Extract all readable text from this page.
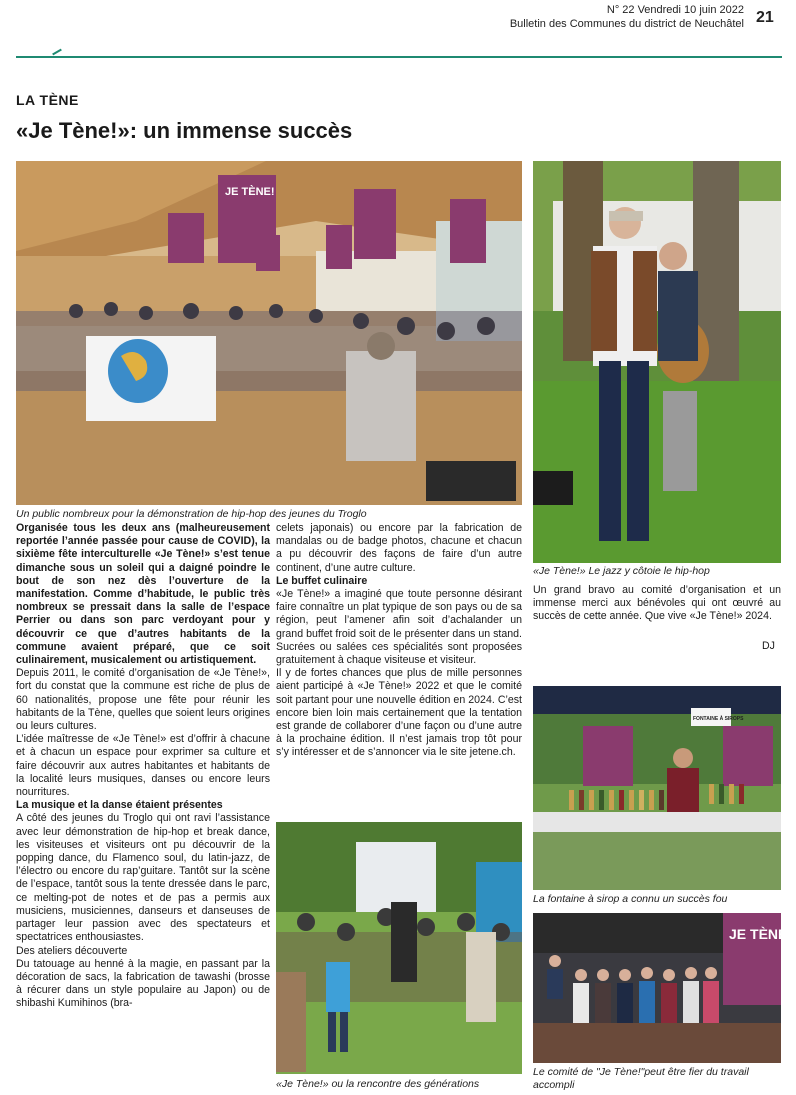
N° 22 Vendredi 10 juin 2022
Bulletin des Communes du district de Neuchâtel 21
LA TÈNE
«Je Tène!»: un immense succès
JE TÈNE!
Un public nombreux pour la démonstration de hip-hop des jeunes du Troglo
«Je Tène!» Le jazz y côtoie le hip-hop

Organisée tous les deux ans (malheureusement reportée l’année passée pour cause de COVID), la sixième fête interculturelle «Je Tène!» s’est tenue dimanche sous un soleil qui a daigné poindre le bout de son nez dès l’ouverture de la manifestation. Comme d’habitude, le public très nombreux se pressait dans la salle de l’espace Perrier ou dans son parc verdoyant pour y découvrir ce que d’autres habitants de la commune avaient préparé, que ce soit culinairement, musicalement ou artistiquement.

Depuis 2011, le comité d’organisation de «Je Tène!», fort du constat que la commune est riche de plus de 60 nationalités, propose une fête pour réunir les habitants de la Tène, quelles que soient leurs origines ou leurs cultures.

L’idée maîtresse de «Je Tène!» est d’offrir à chacune et à chacun un espace pour exprimer sa culture et faire découvrir aux autres habitantes et habitants de la localité leurs musiques, danses ou encore leurs nourritures.

La musique et la danse étaient présentes

A côté des jeunes du Troglo qui ont ravi l’assistance avec leur démonstration de hip-hop et break dance, les visiteuses et visiteurs ont pu découvrir de la popping dance, du Flamenco soul, du latin-jazz, de l’électro ou encore du rap’guitare. Tantôt sur la scène de l’espace, tantôt sous la tente dressée dans le parc, ce melting-pot de notes et de pas a permis aux musiciens, musiciennes, danseurs et danseuses de partager leur passion avec des spectateurs et spectatrices enthousiastes.

Des ateliers découverte

Du tatouage au henné à la magie, en passant par la décoration de sacs, la fabrication de tawashi (brosse à récurer dans un style populaire au Japon) ou de shibashi Kumihinos (bra-

celets japonais) ou encore par la fabrication de mandalas ou de badge photos, chacune et chacun a pu découvrir des façons de faire d’un autre continent, d’une autre culture.

Le buffet culinaire

«Je Tène!» a imaginé que toute personne désirant faire connaître un plat typique de son pays ou de sa région, peut l’amener afin soit d’achalander un grand buffet froid soit de le présenter dans un stand. Sucrées ou salées ces spécialités sont proposées gratuitement à chaque visiteuse et visiteur.

Il y de fortes chances que plus de mille personnes aient participé à «Je Tène!» 2022 et que le comité soit partant pour une nouvelle édition en 2024. C’est encore bien loin mais certainement que la tentation est grande de collaborer d’une façon ou d’une autre à la prochaine édition. Il n’est jamais trop tôt pour s’y intéresser et de s’annoncer via le site jetene.ch.

«Je Tène!» ou la rencontre des générations

Un grand bravo au comité d’organisation et un immense merci aux bénévoles qui ont œuvré au succès de cette année. Que vive «Je Tène!» 2024.

DJ
FONTAINE À SIROPS
La fontaine à sirop a connu un succès fou
JE TÈNE!
Le comité de "Je Tène!"peut être fier du travail accompli
